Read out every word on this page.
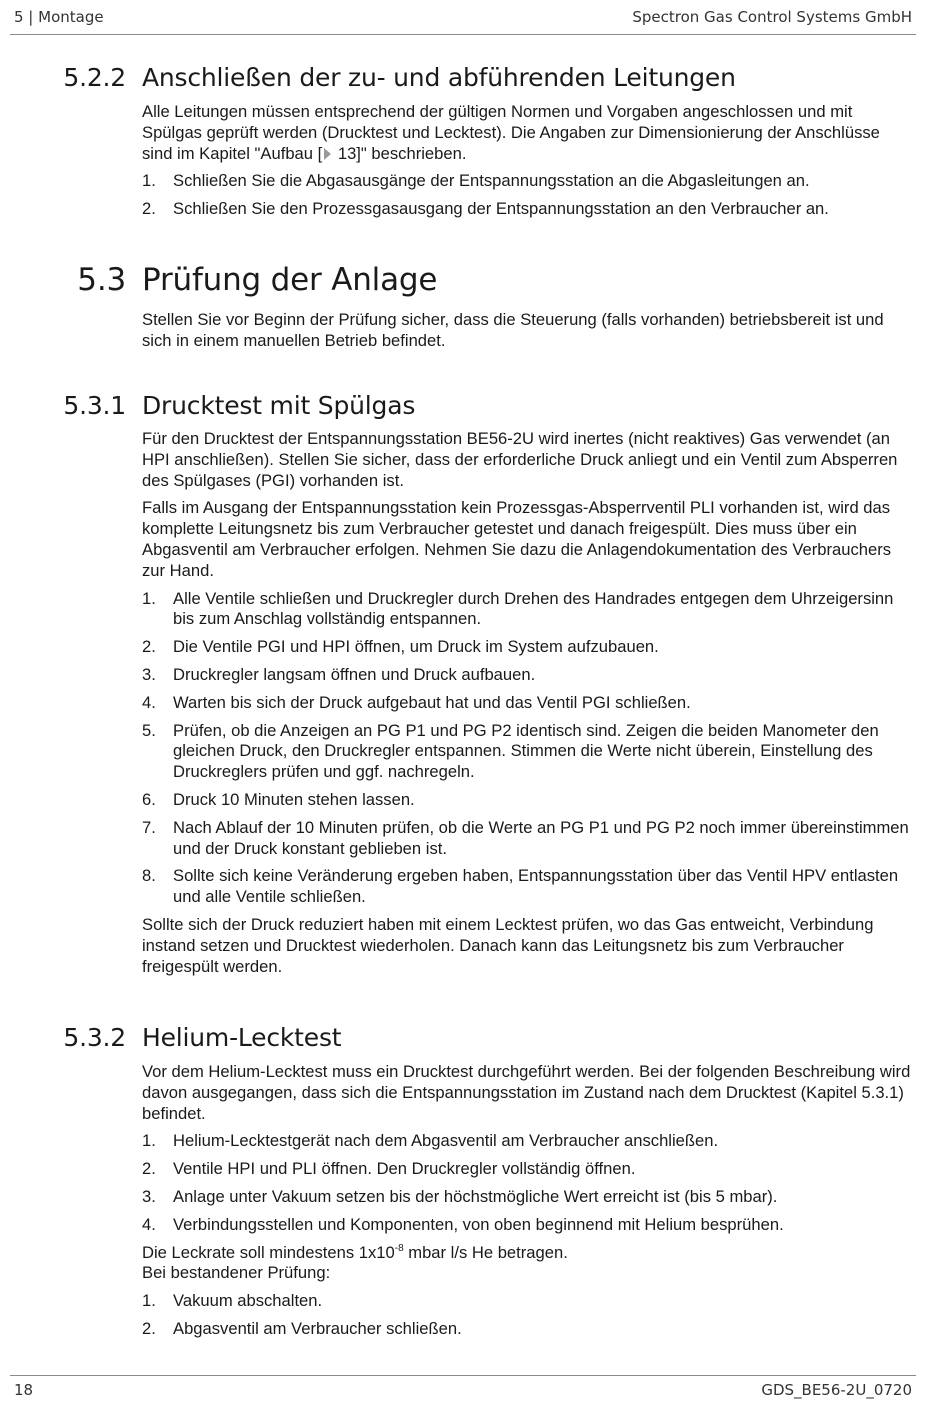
5 | Montage	Spectron Gas Control Systems GmbH
5.2.2 Anschließen der zu- und abführenden Leitungen

Alle Leitungen müssen entsprechend der gültigen Normen und Vorgaben angeschlossen und mit Spülgas geprüft werden (Drucktest und Lecktest). Die Angaben zur Dimensionierung der Anschlüsse sind im Kapitel "Aufbau [ 13]" beschrieben.

1. Schließen Sie die Abgasausgänge der Entspannungsstation an die Abgasleitungen an.
2. Schließen Sie den Prozessgasausgang der Entspannungsstation an den Verbraucher an.
5.3 Prüfung der Anlage

Stellen Sie vor Beginn der Prüfung sicher, dass die Steuerung (falls vorhanden) betriebsbereit ist und sich in einem manuellen Betrieb befindet.

5.3.1 Drucktest mit Spülgas

Für den Drucktest der Entspannungsstation BE56-2U wird inertes (nicht reaktives) Gas verwendet (an HPI anschließen). Stellen Sie sicher, dass der erforderliche Druck anliegt und ein Ventil zum Absperren des Spülgases (PGI) vorhanden ist.

Falls im Ausgang der Entspannungsstation kein Prozessgas-Absperrventil PLI vorhanden ist, wird das komplette Leitungsnetz bis zum Verbraucher getestet und danach freigespült. Dies muss über ein Abgasventil am Verbraucher erfolgen. Nehmen Sie dazu die Anlagendokumentation des Verbrauchers zur Hand.

1. Alle Ventile schließen und Druckregler durch Drehen des Handrades entgegen dem Uhrzeigersinn bis zum Anschlag vollständig entspannen.
2. Die Ventile PGI und HPI öffnen, um Druck im System aufzubauen.
3. Druckregler langsam öffnen und Druck aufbauen.
4. Warten bis sich der Druck aufgebaut hat und das Ventil PGI schließen.
5. Prüfen, ob die Anzeigen an PG P1 und PG P2 identisch sind. Zeigen die beiden Manometer den gleichen Druck, den Druckregler entspannen. Stimmen die Werte nicht überein, Einstellung des Druckreglers prüfen und ggf. nachregeln.
6. Druck 10 Minuten stehen lassen.
7. Nach Ablauf der 10 Minuten prüfen, ob die Werte an PG P1 und PG P2 noch immer übereinstimmen und der Druck konstant geblieben ist.
8. Sollte sich keine Veränderung ergeben haben, Entspannungsstation über das Ventil HPV entlasten und alle Ventile schließen.

Sollte sich der Druck reduziert haben mit einem Lecktest prüfen, wo das Gas entweicht, Verbindung instand setzen und Drucktest wiederholen. Danach kann das Leitungsnetz bis zum Verbraucher freigespült werden.

5.3.2 Helium-Lecktest

Vor dem Helium-Lecktest muss ein Drucktest durchgeführt werden. Bei der folgenden Beschreibung wird davon ausgegangen, dass sich die Entspannungsstation im Zustand nach dem Drucktest (Kapitel 5.3.1) befindet.

1. Helium-Lecktestgerät nach dem Abgasventil am Verbraucher anschließen.
2. Ventile HPI und PLI öffnen. Den Druckregler vollständig öffnen.
3. Anlage unter Vakuum setzen bis der höchstmögliche Wert erreicht ist (bis 5 mbar).
4. Verbindungsstellen und Komponenten, von oben beginnend mit Helium besprühen.

Die Leckrate soll mindestens $1x10^{-8}$ mbar l/s He betragen.

Bei bestandener Prüfung:

1. Vakuum abschalten.
2. Abgasventil am Verbraucher schließen.
18	GDS_BE56-2U_0720
